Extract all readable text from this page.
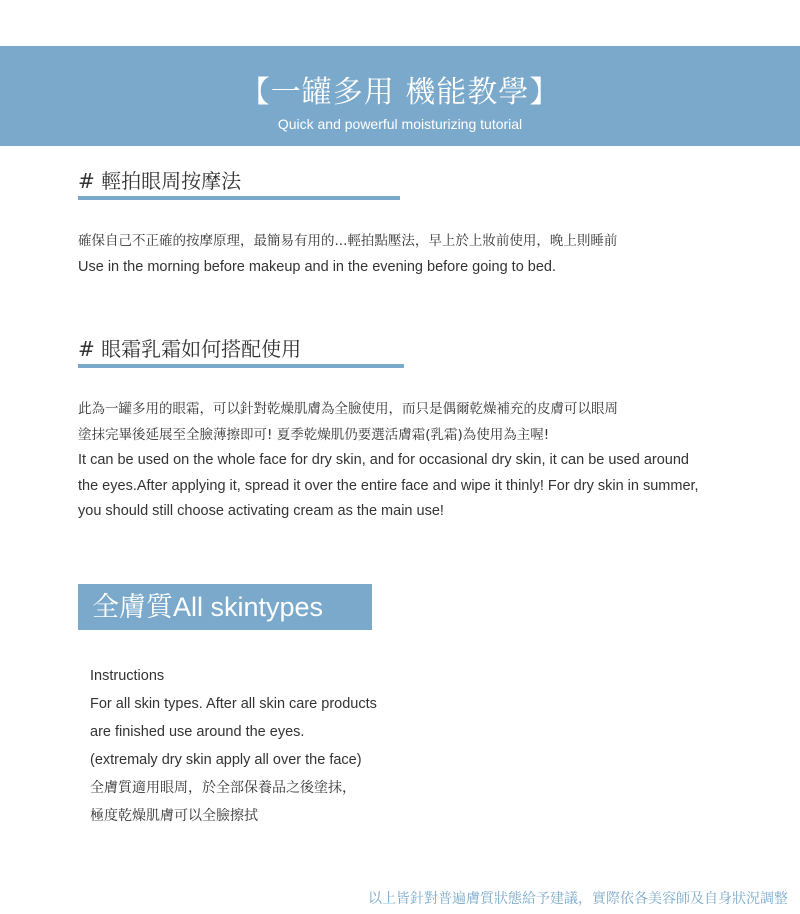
【一罐多用 機能教學】
Quick and powerful moisturizing tutorial
# 輕拍眼周按摩法
確保自己不正確的按摩原理，最簡易有用的...輕拍點壓法，早上於上妝前使用，晚上則睡前
Use in the morning before makeup and in the evening before going to bed.
# 眼霜乳霜如何搭配使用
此為一罐多用的眼霜，可以針對乾燥肌膚為全臉使用，而只是偶爾乾燥補充的皮膚可以眼周
塗抹完畢後延展至全臉薄擦即可! 夏季乾燥肌仍要選活膚霜(乳霜)為使用為主喔!
It can be used on the whole face for dry skin, and for occasional dry skin, it can be used around
the eyes.After applying it, spread it over the entire face and wipe it thinly! For dry skin in summer,
you should still choose activating cream as the main use!
全膚質All skintypes
Instructions
For all skin types. After all skin care products
are finished use around the eyes.
(extremaly dry skin apply all over the face)
全膚質適用眼周，於全部保養品之後塗抹，
極度乾燥肌膚可以全臉擦拭
以上皆針對普遍膚質狀態給予建議，實際依各美容師及自身狀況調整
